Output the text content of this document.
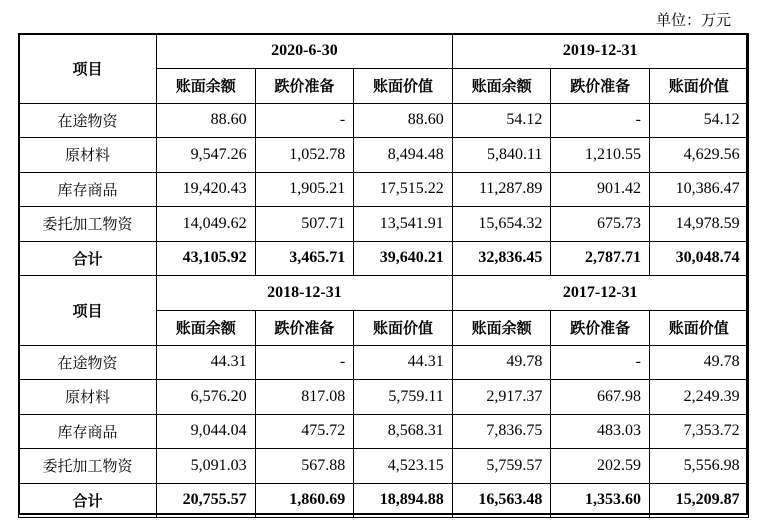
单位：万元
项目	2020-6-30			2019-12-31		
	账面余额	跌价准备	账面价值	账面余额	跌价准备	账面价值
在途物资	88.60	-	88.60	54.12	-	54.12
原材料	9,547.26	1,052.78	8,494.48	5,840.11	1,210.55	4,629.56
库存商品	19,420.43	1,905.21	17,515.22	11,287.89	901.42	10,386.47
委托加工物资	14,049.62	507.71	13,541.91	15,654.32	675.73	14,978.59
合计	43,105.92	3,465.71	39,640.21	32,836.45	2,787.71	30,048.74
项目	2018-12-31			2017-12-31		
	账面余额	跌价准备	账面价值	账面余额	跌价准备	账面价值
在途物资	44.31	-	44.31	49.78	-	49.78
原材料	6,576.20	817.08	5,759.11	2,917.37	667.98	2,249.39
库存商品	9,044.04	475.72	8,568.31	7,836.75	483.03	7,353.72
委托加工物资	5,091.03	567.88	4,523.15	5,759.57	202.59	5,556.98
合计	20,755.57	1,860.69	18,894.88	16,563.48	1,353.60	15,209.87
